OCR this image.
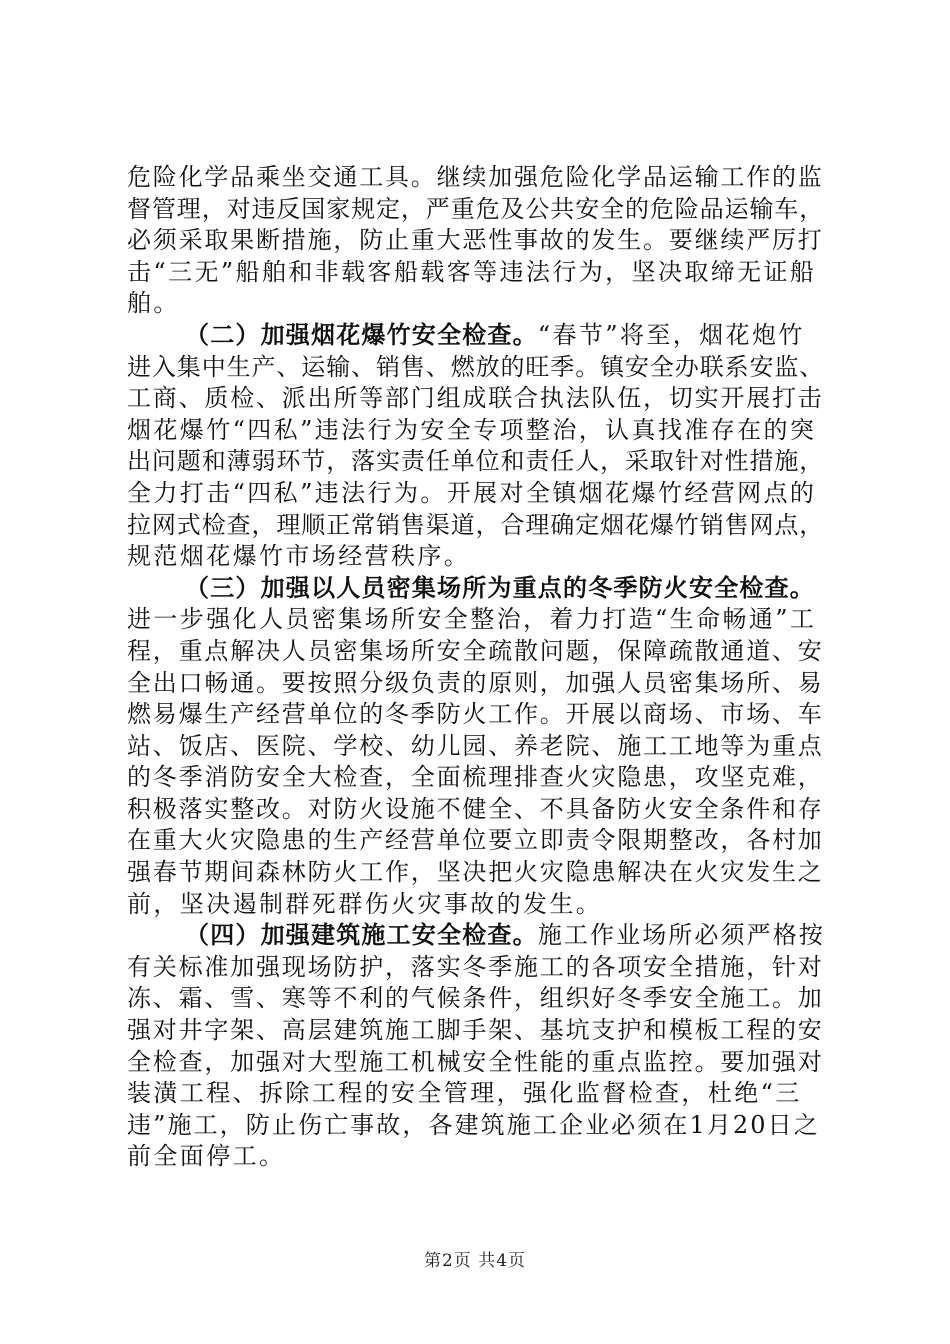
危险化学品乘坐交通工具。继续加强危险化学品运输工作的监
督管理，对违反国家规定，严重危及公共安全的危险品运输车，
必须采取果断措施，防止重大恶性事故的发生。要继续严厉打
击“三无”船舶和非载客船载客等违法行为，坚决取缔无证船
舶。
（二）加强烟花爆竹安全检查。“春节”将至，烟花炮竹
进入集中生产、运输、销售、燃放的旺季。镇安全办联系安监、
工商、质检、派出所等部门组成联合执法队伍，切实开展打击
烟花爆竹“四私”违法行为安全专项整治，认真找准存在的突
出问题和薄弱环节，落实责任单位和责任人，采取针对性措施，
全力打击“四私”违法行为。开展对全镇烟花爆竹经营网点的
拉网式检查，理顺正常销售渠道，合理确定烟花爆竹销售网点，
规范烟花爆竹市场经营秩序。
（三）加强以人员密集场所为重点的冬季防火安全检查。
进一步强化人员密集场所安全整治，着力打造“生命畅通”工
程，重点解决人员密集场所安全疏散问题，保障疏散通道、安
全出口畅通。要按照分级负责的原则，加强人员密集场所、易
燃易爆生产经营单位的冬季防火工作。开展以商场、市场、车
站、饭店、医院、学校、幼儿园、养老院、施工工地等为重点
的冬季消防安全大检查，全面梳理排查火灾隐患，攻坚克难，
积极落实整改。对防火设施不健全、不具备防火安全条件和存
在重大火灾隐患的生产经营单位要立即责令限期整改，各村加
强春节期间森林防火工作，坚决把火灾隐患解决在火灾发生之
前，坚决遏制群死群伤火灾事故的发生。
（四）加强建筑施工安全检查。施工作业场所必须严格按
有关标准加强现场防护，落实冬季施工的各项安全措施，针对
冻、霜、雪、寒等不利的气候条件，组织好冬季安全施工。加
强对井字架、高层建筑施工脚手架、基坑支护和模板工程的安
全检查，加强对大型施工机械安全性能的重点监控。要加强对
装潢工程、拆除工程的安全管理，强化监督检查，杜绝“三
违”施工，防止伤亡事故，各建筑施工企业必须在1月20日之
前全面停工。
第2页 共4页
